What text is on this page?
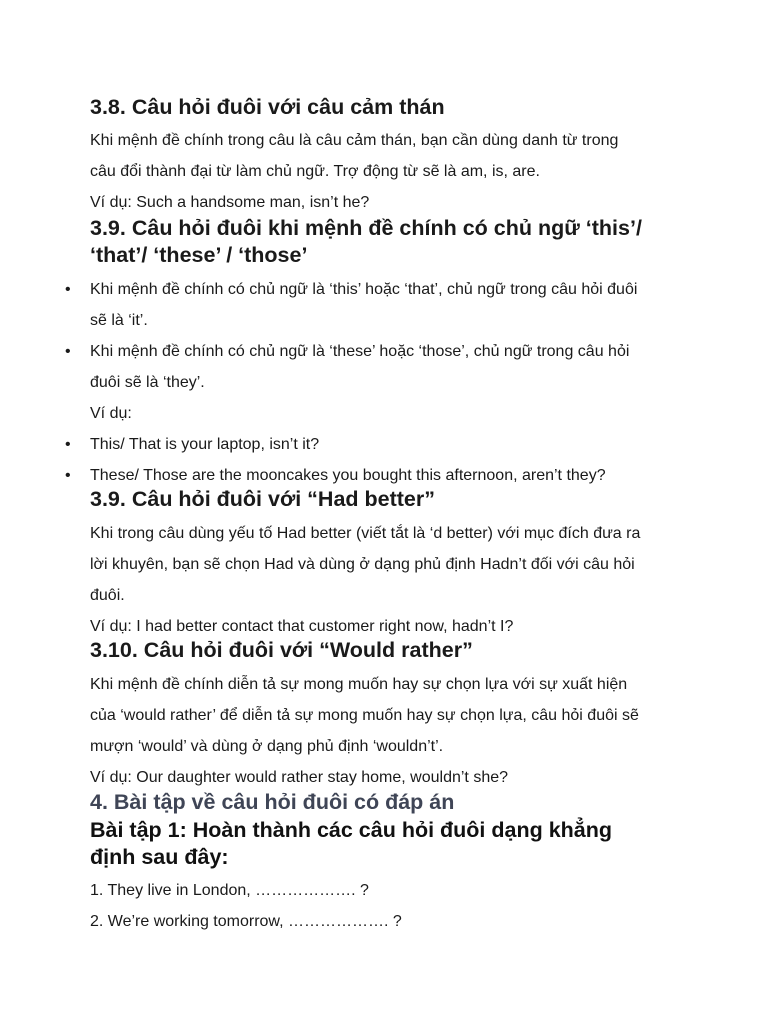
3.8. Câu hỏi đuôi với câu cảm thán
Khi mệnh đề chính trong câu là câu cảm thán, bạn cần dùng danh từ trong
câu đổi thành đại từ làm chủ ngữ. Trợ động từ sẽ là am, is, are.
Ví dụ: Such a handsome man, isn’t he?
3.9. Câu hỏi đuôi khi mệnh đề chính có chủ ngữ ‘this’/
‘that’/ ‘these’ / ‘those’
• Khi mệnh đề chính có chủ ngữ là ‘this’ hoặc ‘that’, chủ ngữ trong câu hỏi đuôi
sẽ là ‘it’.
• Khi mệnh đề chính có chủ ngữ là ‘these’ hoặc ‘those’, chủ ngữ trong câu hỏi
đuôi sẽ là ‘they’.
Ví dụ:
• This/ That is your laptop, isn’t it?
• These/ Those are the mooncakes you bought this afternoon, aren’t they?
3.9. Câu hỏi đuôi với “Had better”
Khi trong câu dùng yếu tố Had better (viết tắt là ‘d better) với mục đích đưa ra
lời khuyên, bạn sẽ chọn Had và dùng ở dạng phủ định Hadn’t đối với câu hỏi
đuôi.
Ví dụ: I had better contact that customer right now, hadn’t I?
3.10. Câu hỏi đuôi với “Would rather”
Khi mệnh đề chính diễn tả sự mong muốn hay sự chọn lựa với sự xuất hiện
của ‘would rather’ để diễn tả sự mong muốn hay sự chọn lựa, câu hỏi đuôi sẽ
mượn ‘would’ và dùng ở dạng phủ định ‘wouldn’t’.
Ví dụ: Our daughter would rather stay home, wouldn’t she?
4. Bài tập về câu hỏi đuôi có đáp án
Bài tập 1: Hoàn thành các câu hỏi đuôi dạng khẳng
định sau đây:
1. They live in London, ………………. ?
2. We’re working tomorrow, ………………. ?
